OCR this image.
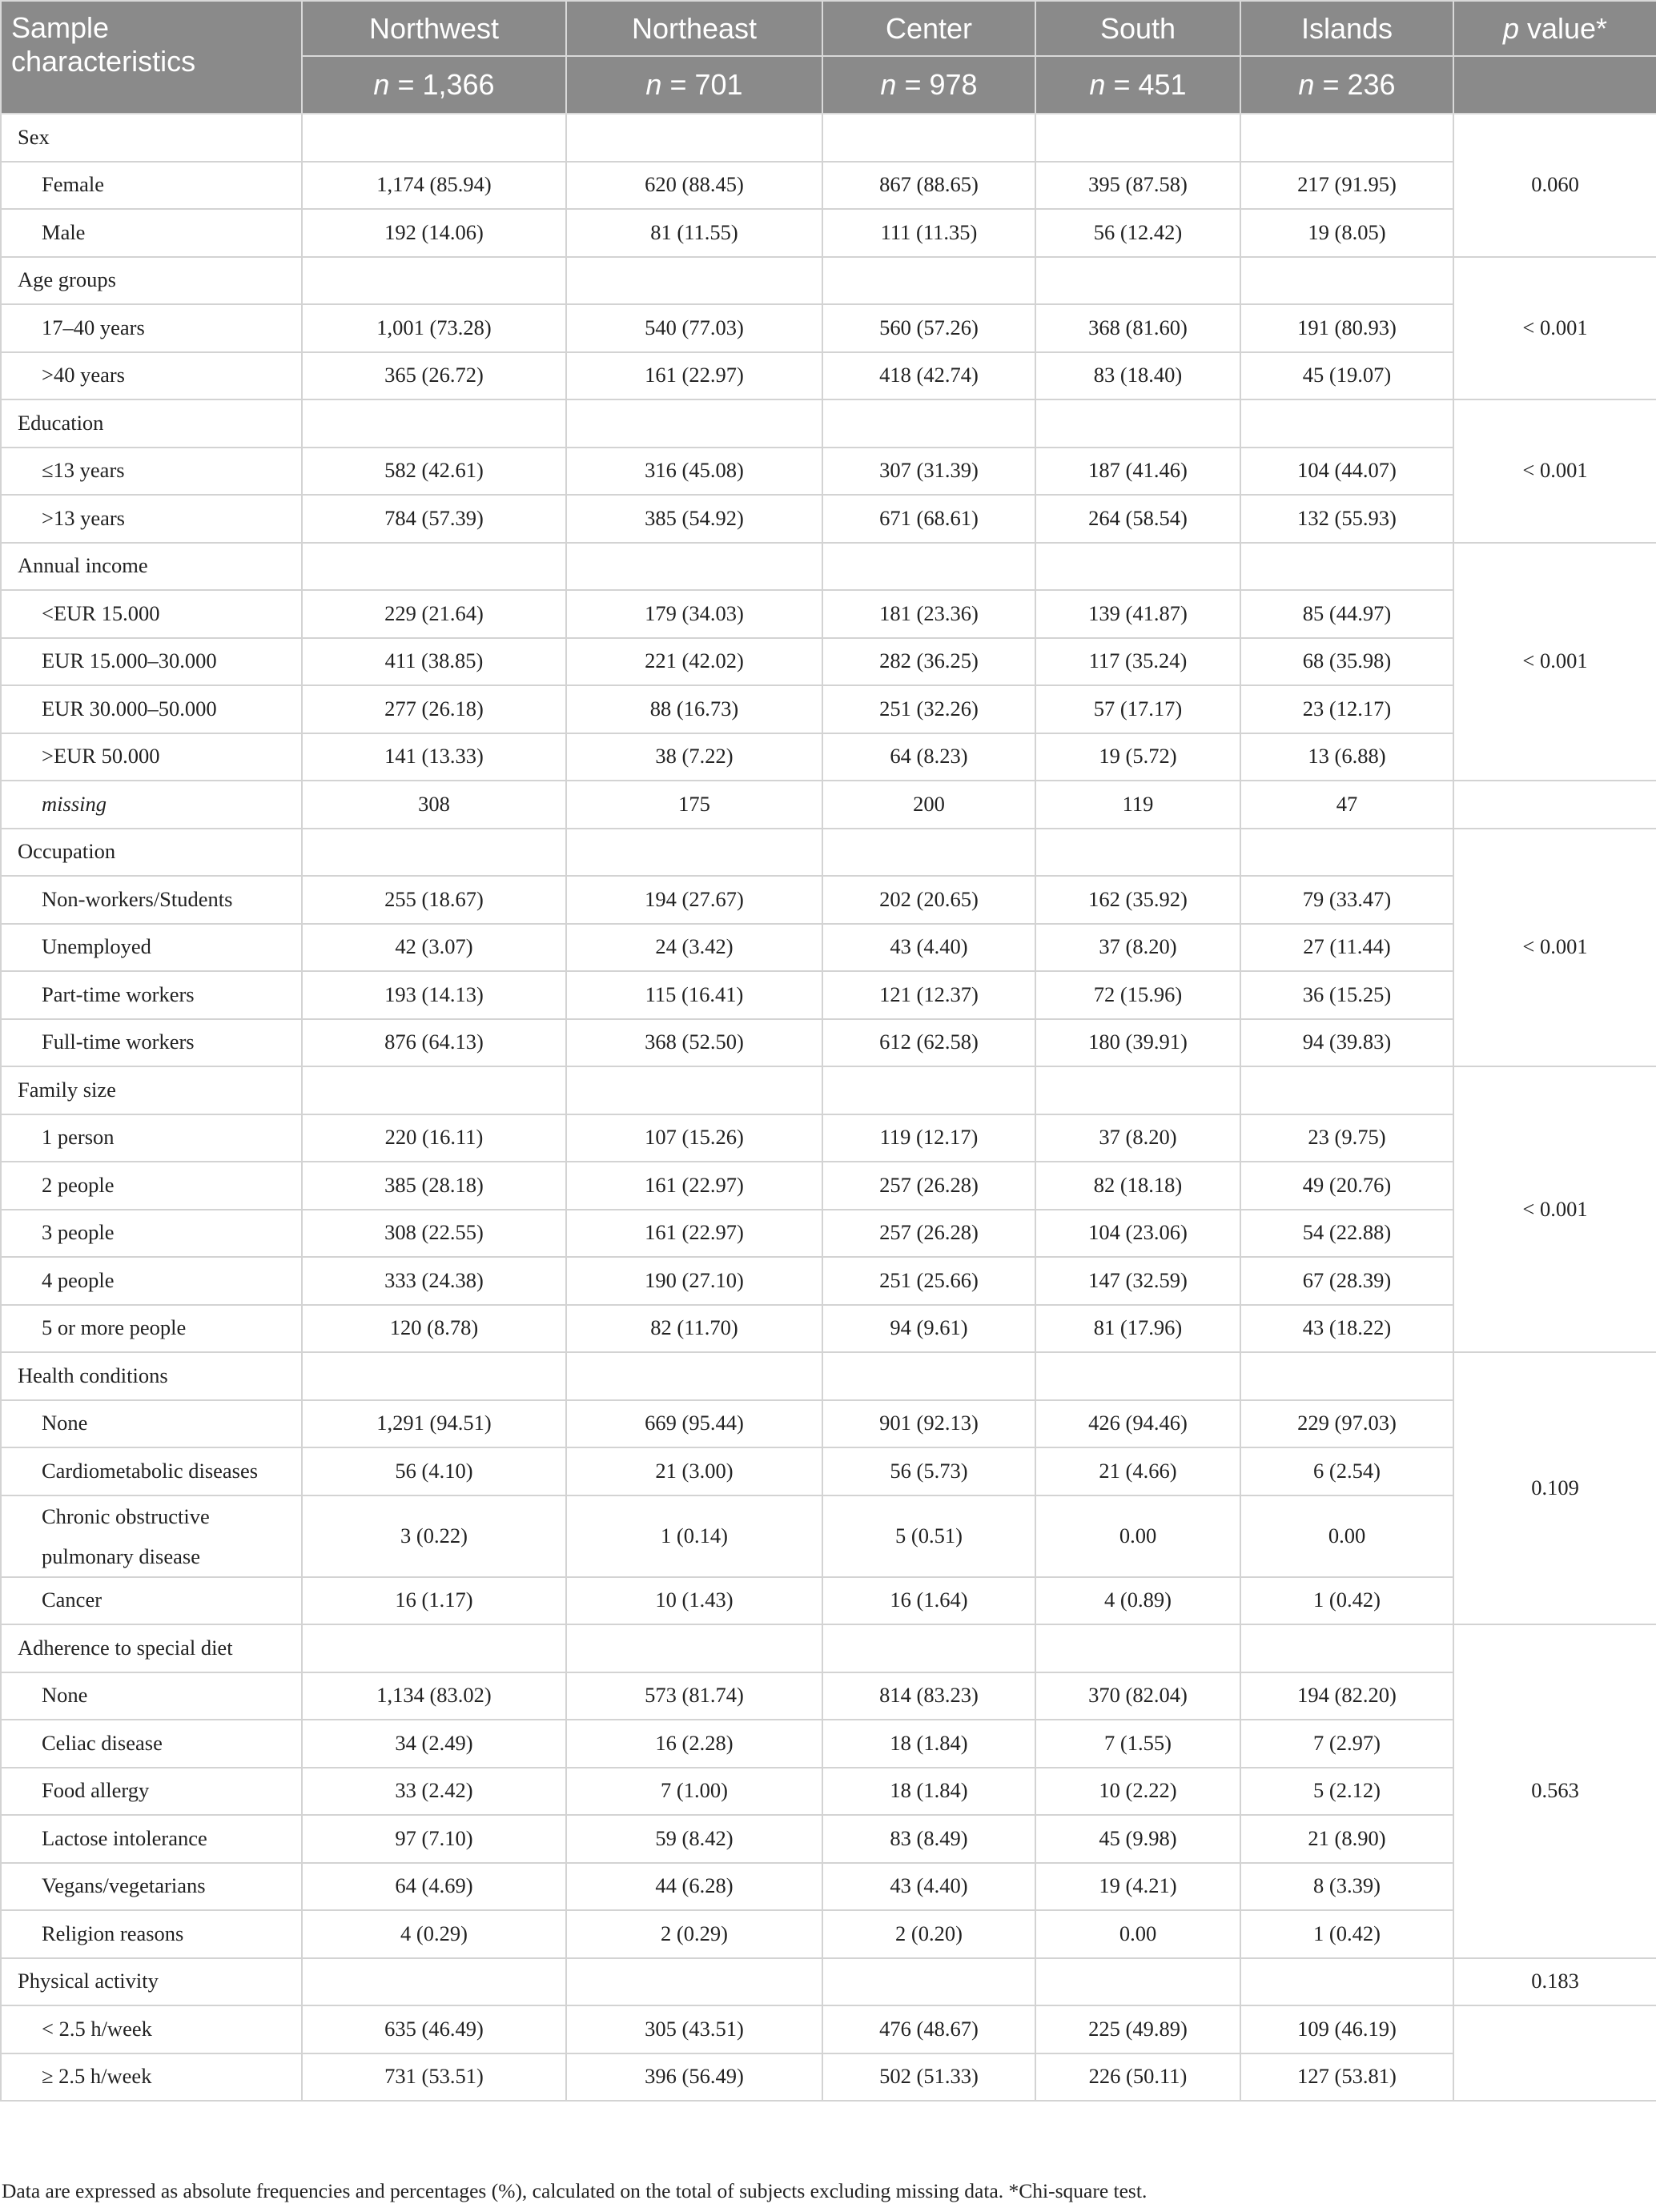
Sample characteristics	Northwest	Northeast	Center	South	Islands	p value*
	n = 1,366	n = 701	n = 978	n = 451	n = 236	
Sex						0.060
Female	1,174 (85.94)	620 (88.45)	867 (88.65)	395 (87.58)	217 (91.95)	
Male	192 (14.06)	81 (11.55)	111 (11.35)	56 (12.42)	19 (8.05)	
Age groups						< 0.001
17–40 years	1,001 (73.28)	540 (77.03)	560 (57.26)	368 (81.60)	191 (80.93)	
>40 years	365 (26.72)	161 (22.97)	418 (42.74)	83 (18.40)	45 (19.07)	
Education						< 0.001
≤13 years	582 (42.61)	316 (45.08)	307 (31.39)	187 (41.46)	104 (44.07)	
>13 years	784 (57.39)	385 (54.92)	671 (68.61)	264 (58.54)	132 (55.93)	
Annual income						< 0.001
<EUR 15.000	229 (21.64)	179 (34.03)	181 (23.36)	139 (41.87)	85 (44.97)	
EUR 15.000–30.000	411 (38.85)	221 (42.02)	282 (36.25)	117 (35.24)	68 (35.98)	
EUR 30.000–50.000	277 (26.18)	88 (16.73)	251 (32.26)	57 (17.17)	23 (12.17)	
>EUR 50.000	141 (13.33)	38 (7.22)	64 (8.23)	19 (5.72)	13 (6.88)	
missing	308	175	200	119	47	
Occupation						< 0.001
Non-workers/Students	255 (18.67)	194 (27.67)	202 (20.65)	162 (35.92)	79 (33.47)	
Unemployed	42 (3.07)	24 (3.42)	43 (4.40)	37 (8.20)	27 (11.44)	
Part-time workers	193 (14.13)	115 (16.41)	121 (12.37)	72 (15.96)	36 (15.25)	
Full-time workers	876 (64.13)	368 (52.50)	612 (62.58)	180 (39.91)	94 (39.83)	
Family size						< 0.001
1 person	220 (16.11)	107 (15.26)	119 (12.17)	37 (8.20)	23 (9.75)	
2 people	385 (28.18)	161 (22.97)	257 (26.28)	82 (18.18)	49 (20.76)	
3 people	308 (22.55)	161 (22.97)	257 (26.28)	104 (23.06)	54 (22.88)	
4 people	333 (24.38)	190 (27.10)	251 (25.66)	147 (32.59)	67 (28.39)	
5 or more people	120 (8.78)	82 (11.70)	94 (9.61)	81 (17.96)	43 (18.22)	
Health conditions						0.109
None	1,291 (94.51)	669 (95.44)	901 (92.13)	426 (94.46)	229 (97.03)	
Cardiometabolic diseases	56 (4.10)	21 (3.00)	56 (5.73)	21 (4.66)	6 (2.54)	

Chronic obstructive
pulmonary disease	3 (0.22)	1 (0.14)	5 (0.51)	0.00	0.00	
Cancer	16 (1.17)	10 (1.43)	16 (1.64)	4 (0.89)	1 (0.42)	
Adherence to special diet						0.563
None	1,134 (83.02)	573 (81.74)	814 (83.23)	370 (82.04)	194 (82.20)	
Celiac disease	34 (2.49)	16 (2.28)	18 (1.84)	7 (1.55)	7 (2.97)	
Food allergy	33 (2.42)	7 (1.00)	18 (1.84)	10 (2.22)	5 (2.12)	
Lactose intolerance	97 (7.10)	59 (8.42)	83 (8.49)	45 (9.98)	21 (8.90)	
Vegans/vegetarians	64 (4.69)	44 (6.28)	43 (4.40)	19 (4.21)	8 (3.39)	
Religion reasons	4 (0.29)	2 (0.29)	2 (0.20)	0.00	1 (0.42)	
Physical activity						0.183
< 2.5 h/week	635 (46.49)	305 (43.51)	476 (48.67)	225 (49.89)	109 (46.19)	
≥ 2.5 h/week	731 (53.51)	396 (56.49)	502 (51.33)	226 (50.11)	127 (53.81)	
Data are expressed as absolute frequencies and percentages (%), calculated on the total of subjects excluding missing data. *Chi-square test.
